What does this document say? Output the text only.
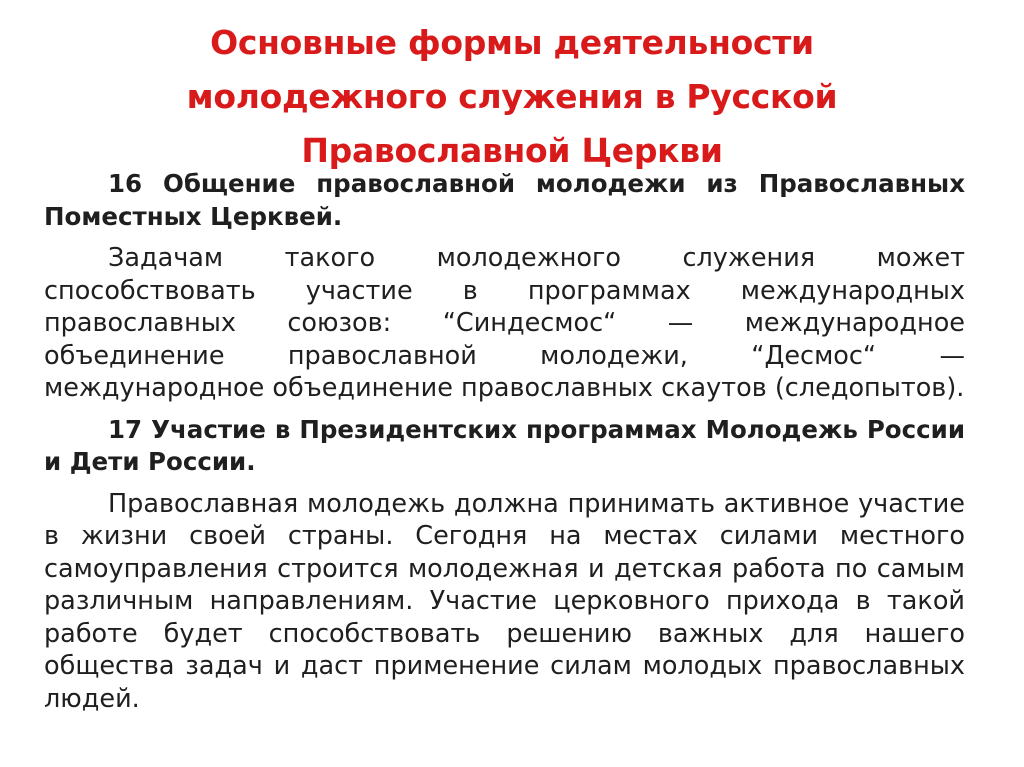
Основные формы деятельности
молодежного служения в Русской
Православной Церкви

16 Общение православной молодежи из Православных Поместных Церквей.

Задачам такого молодежного служения может способствовать участие в программах международных православных союзов: “Синдесмос“ — международное объединение православной молодежи, “Десмос“ — международное объединение православных скаутов (следопытов).

17 Участие в Президентских программах Молодежь России и Дети России.

Православная молодежь должна принимать активное участие в жизни своей страны. Сегодня на местах силами местного самоуправления строится молодежная и детская работа по самым различным направлениям. Участие церковного прихода в такой работе будет способствовать решению важных для нашего общества задач и даст применение силам молодых православных людей.
